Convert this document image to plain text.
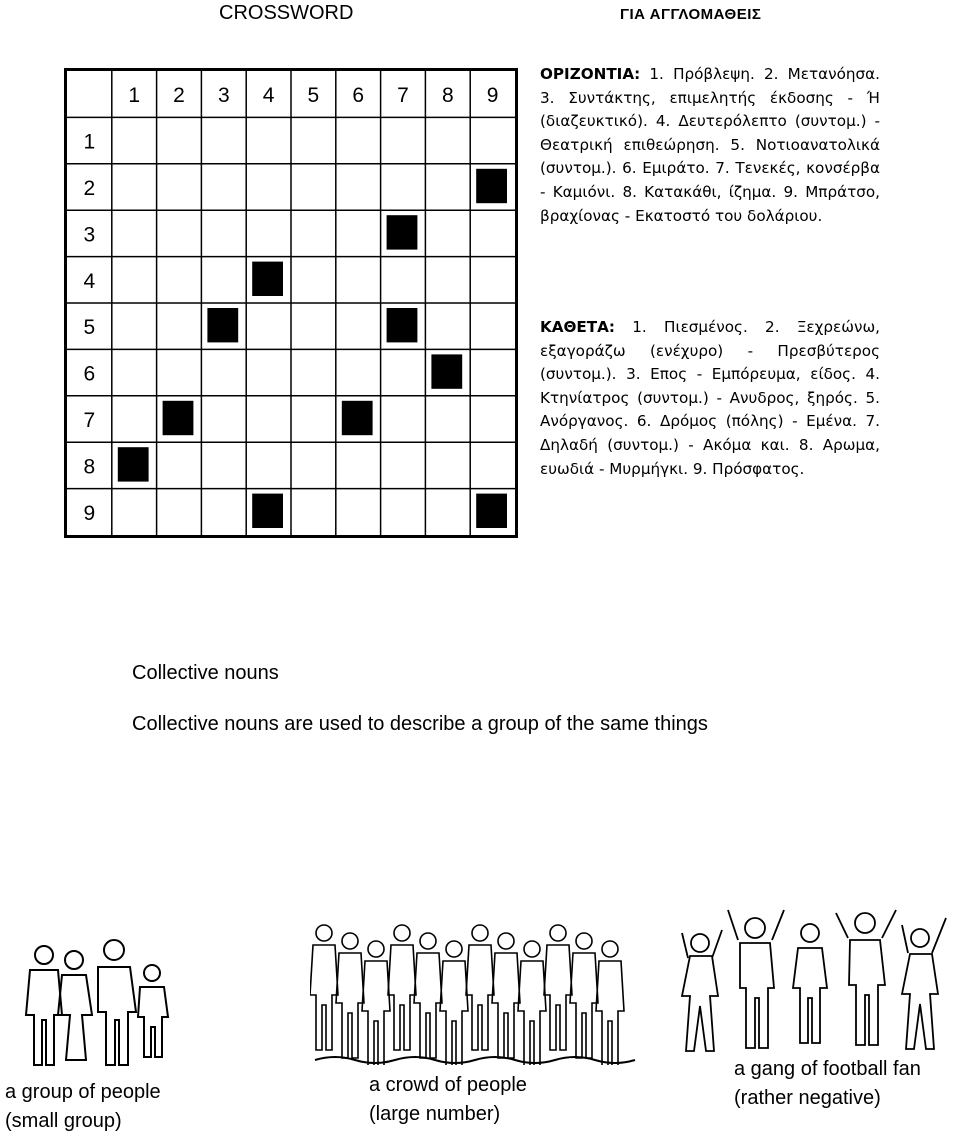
CROSSWORD	ΓΙΑ ΑΓΓΛΟΜΑΘΕΙΣ
1 2 3 4 5 6 7 8 9
1
2
3
4
5
6
7
8
9
ΟΡΙΖΟΝΤΙΑ: 1. Πρόβλεψη. 2. Μετανόησα. 3. Συντάκτης, επιμελητής έκδοσης - Ή (διαζευκτικό). 4. Δευτερόλεπτο (συντομ.) - Θεατρική επιθεώρηση. 5. Νοτιοανατολικά (συντομ.). 6. Εμιράτο. 7. Τενεκές, κονσέρβα - Καμιόνι. 8. Κατακάθι, ίζημα. 9. Μπράτσο, βραχίονας - Εκατοστό του δολάριου.
ΚΑΘΕΤΑ: 1. Πιεσμένος. 2. Ξεχρεώνω, εξαγοράζω (ενέχυρο) - Πρεσβύτερος (συντομ.). 3. Επος - Εμπόρευμα, είδος. 4. Κτηνίατρος (συντομ.) - Ανυδρος, ξηρός. 5. Ανόργανος. 6. Δρόμος (πόλης) - Εμένα. 7. Δηλαδή (συντομ.) - Ακόμα και. 8. Αρωμα, ευωδιά - Μυρμήγκι. 9. Πρόσφατος.
Collective nouns
Collective nouns are used to describe a group of the same things
a group of people
(small group)
a crowd of people
(large number)
a gang of football fan
(rather negative)
